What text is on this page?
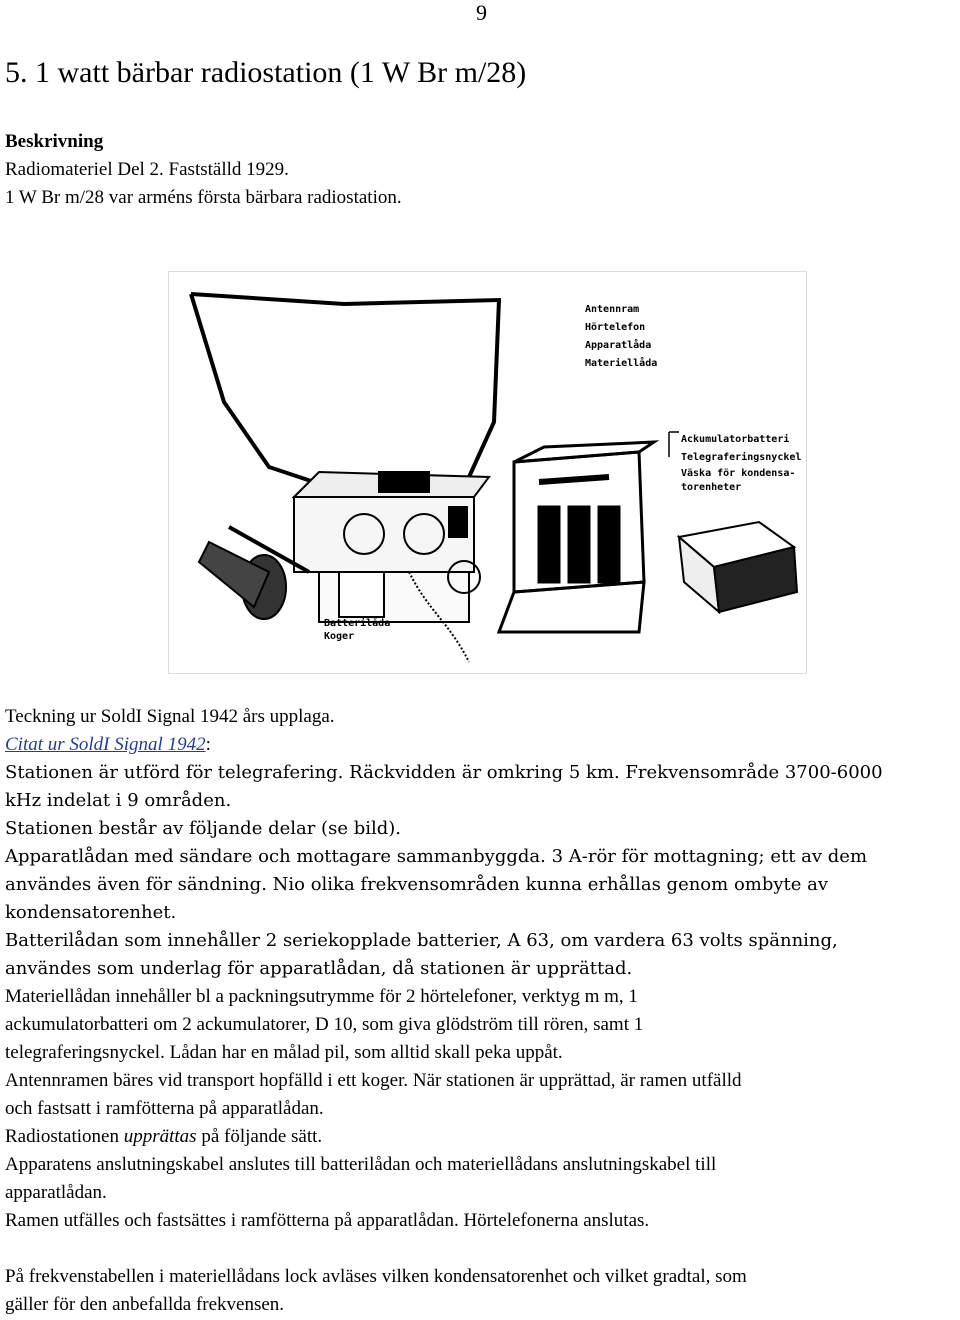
9
5. 1 watt bärbar radiostation (1 W Br m/28)
Beskrivning
Radiomateriel Del 2. Fastställd 1929.
1 W Br m/28 var arméns första bärbara radiostation.
Antennram
Hörtelefon
Apparatlåda
Materiellåda
Ackumulatorbatteri
Telegraferingsnyckel
Väska för kondensa-
torenheter
Batterilåda
Koger
Teckning ur SoldI Signal 1942 års upplaga.
Citat ur SoldI Signal 1942:
Stationen är utförd för telegrafering. Räckvidden är omkring 5 km. Frekvensområde 3700-6000
kHz indelat i 9 områden.
Stationen består av följande delar (se bild).
Apparatlådan med sändare och mottagare sammanbyggda. 3 A-rör för mottagning; ett av dem
användes även för sändning. Nio olika frekvensområden kunna erhållas genom ombyte av
kondensatorenhet.
Batterilådan som innehåller 2 seriekopplade batterier, A 63, om vardera 63 volts spänning,
användes som underlag för apparatlådan, då stationen är upprättad.
Materiellådan innehåller bl a packningsutrymme för 2 hörtelefoner, verktyg m m, 1
ackumulatorbatteri om 2 ackumulatorer, D 10, som giva glödström till rören, samt 1
telegraferingsnyckel. Lådan har en målad pil, som alltid skall peka uppåt.
Antennramen bäres vid transport hopfälld i ett koger. När stationen är upprättad, är ramen utfälld
och fastsatt i ramfötterna på apparatlådan.
Radiostationen upprättas på följande sätt.
Apparatens anslutningskabel anslutes till batterilådan och materiellådans anslutningskabel till
apparatlådan.
Ramen utfälles och fastsättes i ramfötterna på apparatlådan. Hörtelefonerna anslutas.
På frekvenstabellen i materiellådans lock avläses vilken kondensatorenhet och vilket gradtal, som
gäller för den anbefallda frekvensen.
